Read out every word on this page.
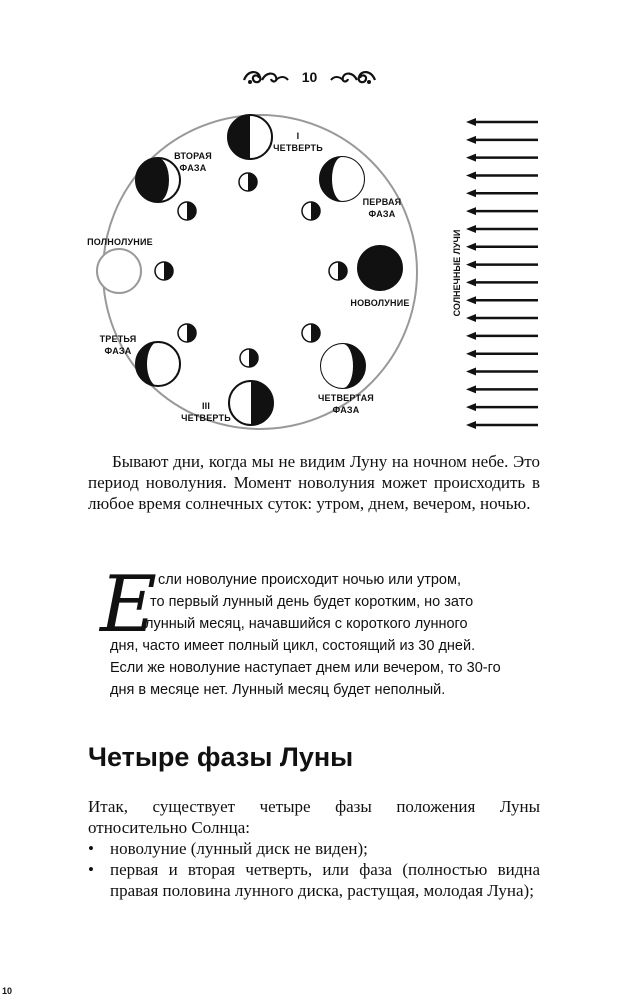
10
I
ЧЕТВЕРТЬ
ВТОРАЯ
ФАЗА
ПЕРВАЯ
ФАЗА
ПОЛНОЛУНИЕ
НОВОЛУНИЕ
ТРЕТЬЯ
ФАЗА
ЧЕТВЕРТАЯ
ФАЗА
III
ЧЕТВЕРТЬ
СОЛНЕЧНЫЕ ЛУЧИ
Бывают дни, когда мы не видим Луну на ночном небе. Это период новолуния. Момент новолуния может происходить в любое время солнечных суток: утром, днем, вечером, ночью.
Е сли новолуние происходит ночью или утром,
то первый лунный день будет коротким, но зато
лунный месяц, начавшийся с короткого лунного
дня, часто имеет полный цикл, состоящий из 30 дней.
Если же новолуние наступает днем или вечером, то 30-го
дня в месяце нет. Лунный месяц будет неполный.
Четыре фазы Луны
Итак, существует четыре фазы положения Луны относительно Солнца:
• новолуние (лунный диск не виден);
• первая и вторая четверть, или фаза (полностью видна правая половина лунного диска, растущая, молодая Луна);
10
